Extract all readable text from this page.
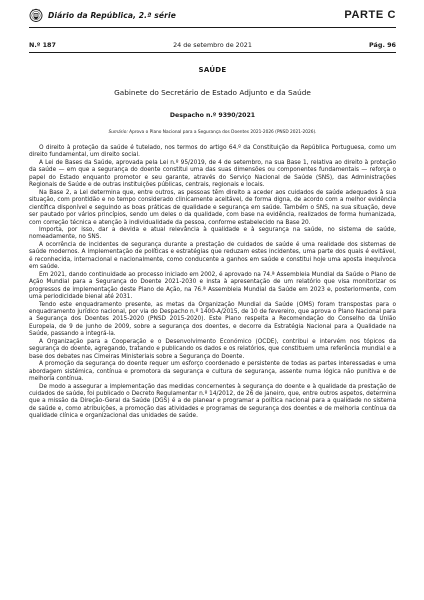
Diário da República, 2.ª série	PARTE C
24 de setembro de 2021
N.º 187	Pág. 96
SAÚDE
Gabinete do Secretário de Estado Adjunto e da Saúde
Despacho n.º 9390/2021
Sumário: Aprova o Plano Nacional para a Segurança dos Doentes 2021-2026 (PNSD 2021-2026).

O direito à proteção da saúde é tutelado, nos termos do artigo 64.º da Constituição da República Portuguesa, como um direito fundamental, um direito social.

A Lei de Bases da Saúde, aprovada pela Lei n.º 95/2019, de 4 de setembro, na sua Base 1, relativa ao direito à proteção da saúde — em que a segurança do doente constitui uma das suas dimensões ou componentes fundamentais — reforça o papel do Estado enquanto promotor e seu garante, através do Serviço Nacional de Saúde (SNS), das Administrações Regionais de Saúde e de outras instituições públicas, centrais, regionais e locais.

Na Base 2, a Lei determina que, entre outros, as pessoas têm direito a aceder aos cuidados de saúde adequados à sua situação, com prontidão e no tempo considerado clinicamente aceitável, de forma digna, de acordo com a melhor evidência científica disponível e seguindo as boas práticas de qualidade e segurança em saúde. Também o SNS, na sua situação, deve ser pautado por vários princípios, sendo um deles o da qualidade, com base na evidência, realizados de forma humanizada, com correção técnica e atenção à individualidade da pessoa, conforme estabelecido na Base 20.

Importa, por isso, dar a devida e atual relevância à qualidade e à segurança na saúde, no sistema de saúde, nomeadamente, no SNS.

A ocorrência de incidentes de segurança durante a prestação de cuidados de saúde é uma realidade dos sistemas de saúde modernos. A implementação de políticas e estratégias que reduzam estes incidentes, uma parte dos quais é evitável, é reconhecida, internacional e nacionalmente, como conducente a ganhos em saúde e constitui hoje uma aposta inequívoca em saúde.

Em 2021, dando continuidade ao processo iniciado em 2002, é aprovado na 74.ª Assembleia Mundial da Saúde o Plano de Ação Mundial para a Segurança do Doente 2021-2030 e insta à apresentação de um relatório que visa monitorizar os progressos de implementação deste Plano de Ação, na 76.ª Assembleia Mundial da Saúde em 2023 e, posteriormente, com uma periodicidade bienal até 2031.

Tendo este enquadramento presente, as metas da Organização Mundial da Saúde (OMS) foram transpostas para o enquadramento jurídico nacional, por via do Despacho n.º 1400-A/2015, de 10 de fevereiro, que aprova o Plano Nacional para a Segurança dos Doentes 2015-2020 (PNSD 2015-2020). Este Plano respeita a Recomendação do Conselho da União Europeia, de 9 de junho de 2009, sobre a segurança dos doentes, e decorre da Estratégia Nacional para a Qualidade na Saúde, passando a integrá-la.

A Organização para a Cooperação e o Desenvolvimento Económico (OCDE), contribui e intervém nos tópicos da segurança do doente, agregando, tratando e publicando os dados e os relatórios, que constituem uma referência mundial e a base dos debates nas Cimeiras Ministeriais sobre a Segurança do Doente.

A promoção da segurança do doente requer um esforço coordenado e persistente de todas as partes interessadas e uma abordagem sistémica, contínua e promotora da segurança e cultura de segurança, assente numa lógica não punitiva e de melhoria contínua.

De modo a assegurar a implementação das medidas concernentes à segurança do doente e à qualidade da prestação de cuidados de saúde, foi publicado o Decreto Regulamentar n.º 14/2012, de 26 de janeiro, que, entre outros aspetos, determina que a missão da Direção-Geral da Saúde (DGS) é a de planear e programar a política nacional para a qualidade no sistema de saúde e, como atribuições, a promoção das atividades e programas de segurança dos doentes e de melhoria contínua da qualidade clínica e organizacional das unidades de saúde.
